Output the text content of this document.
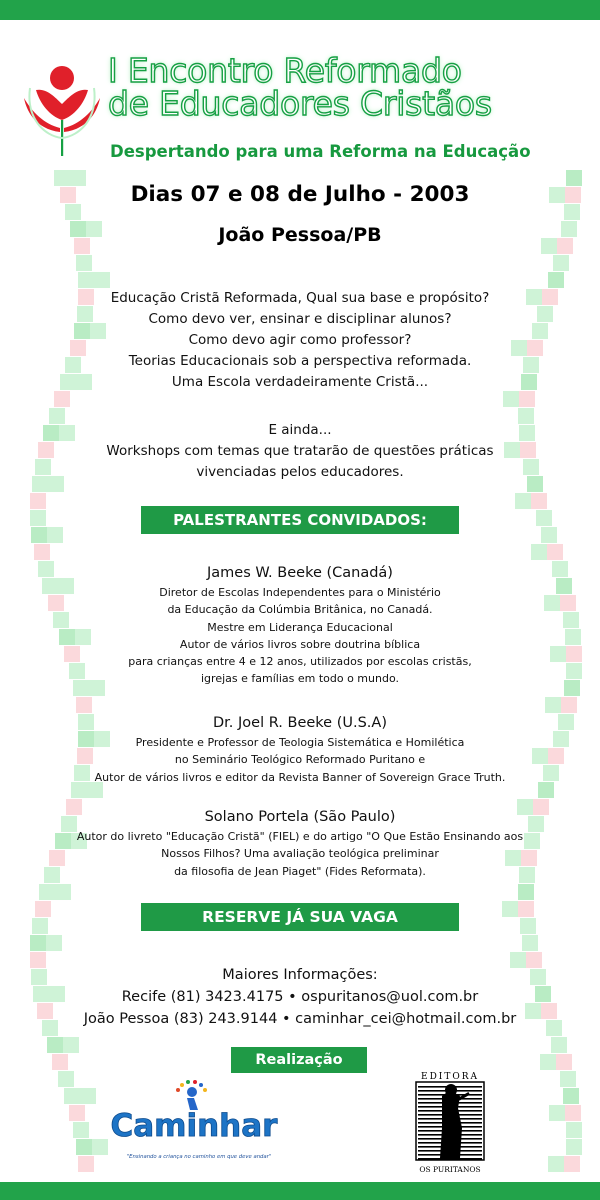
I Encontro Reformado
de Educadores Cristãos
Despertando para uma Reforma na Educação
Dias 07 e 08 de Julho - 2003
João Pessoa/PB
Educação Cristã Reformada, Qual sua base e propósito?
Como devo ver, ensinar e disciplinar alunos?
Como devo agir como professor?
Teorias Educacionais sob a perspectiva reformada.
Uma Escola verdadeiramente Cristã...
E ainda...
Workshops com temas que tratarão de questões práticas
vivenciadas pelos educadores.
PALESTRANTES CONVIDADOS:
James W. Beeke (Canadá)
Diretor de Escolas Independentes para o Ministério
da Educação da Colúmbia Britânica, no Canadá.
Mestre em Liderança Educacional
Autor de vários livros sobre doutrina bíblica
para crianças entre 4 e 12 anos, utilizados por escolas cristãs,
igrejas e famílias em todo o mundo.
Dr. Joel R. Beeke (U.S.A)
Presidente e Professor de Teologia Sistemática e Homilética
no Seminário Teológico Reformado Puritano e
Autor de vários livros e editor da Revista Banner of Sovereign Grace Truth.
Solano Portela (São Paulo)
Autor do livreto "Educação Cristã" (FIEL) e do artigo "O Que Estão Ensinando aos
Nossos Filhos? Uma avaliação teológica preliminar
da filosofia de Jean Piaget" (Fides Reformata).
RESERVE JÁ SUA VAGA
Maiores Informações:
Recife (81) 3423.4175 • ospuritanos@uol.com.br
João Pessoa (83) 243.9144 • caminhar_cei@hotmail.com.br
Realização
Caminhar
"Ensinando a criança no caminho em que deve andar"
EDITORA
OS PURITANOS
